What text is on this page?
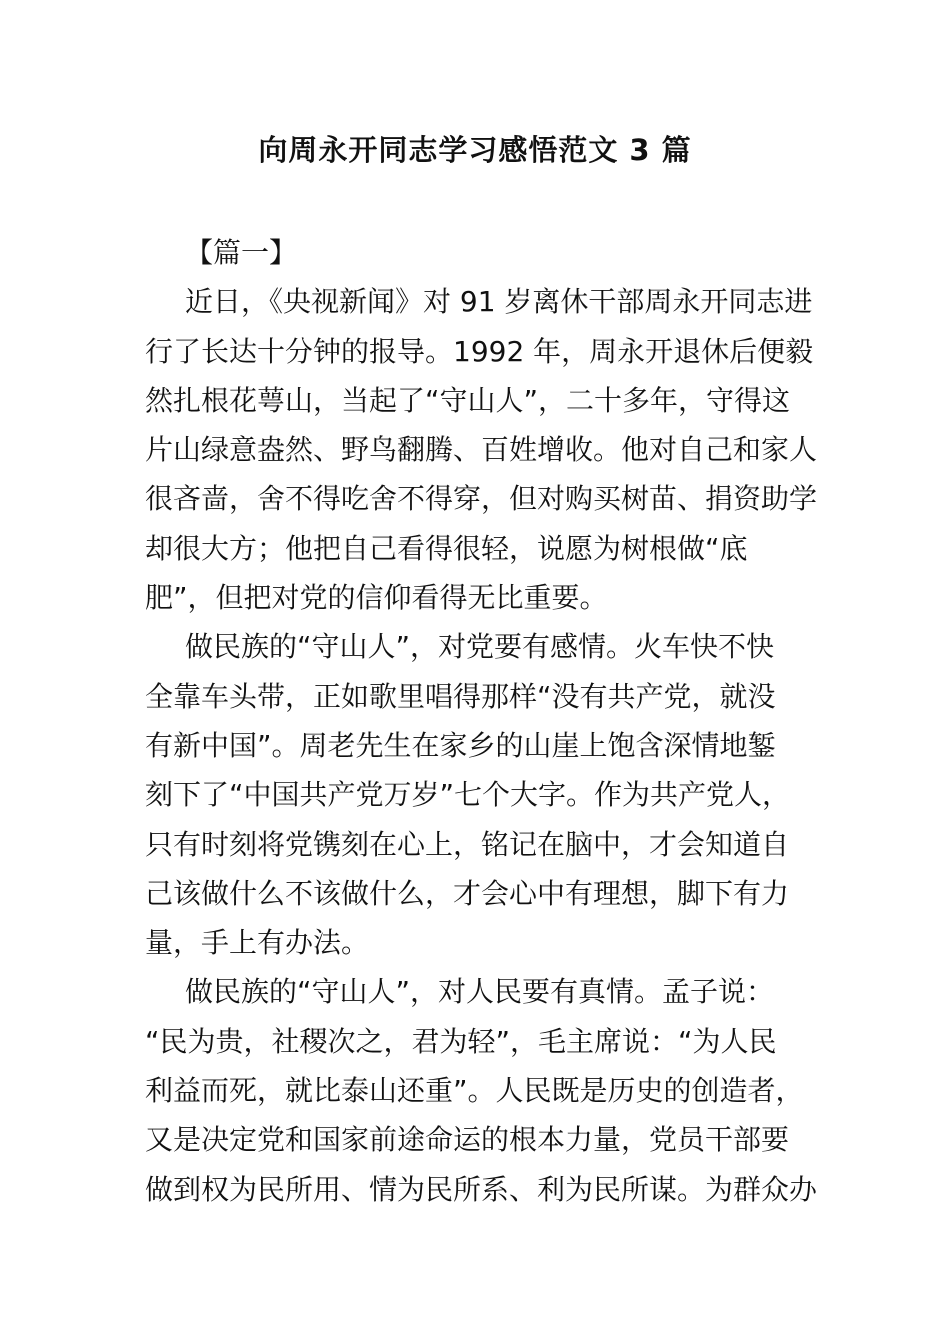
向周永开同志学习感悟范文 3 篇
【篇一】
近日，《央视新闻》对 91 岁离休干部周永开同志进
行了长达十分钟的报导。1992 年，周永开退休后便毅
然扎根花萼山，当起了“守山人”，二十多年，守得这
片山绿意盎然、野鸟翻腾、百姓增收。他对自己和家人
很吝啬，舍不得吃舍不得穿，但对购买树苗、捐资助学
却很大方；他把自己看得很轻，说愿为树根做“底
肥”，但把对党的信仰看得无比重要。
做民族的“守山人”，对党要有感情。火车快不快
全靠车头带，正如歌里唱得那样“没有共产党，就没
有新中国”。周老先生在家乡的山崖上饱含深情地錾
刻下了“中国共产党万岁”七个大字。作为共产党人，
只有时刻将党镌刻在心上，铭记在脑中，才会知道自
己该做什么不该做什么，才会心中有理想，脚下有力
量，手上有办法。
做民族的“守山人”，对人民要有真情。孟子说：
“民为贵，社稷次之，君为轻”，毛主席说：“为人民
利益而死，就比泰山还重”。人民既是历史的创造者，
又是决定党和国家前途命运的根本力量，党员干部要
做到权为民所用、情为民所系、利为民所谋。为群众办
